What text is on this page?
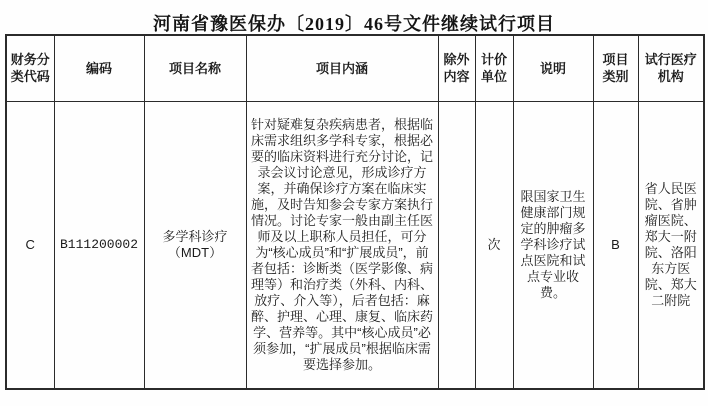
河南省豫医保办〔2019〕46号文件继续试行项目
财务分类代码	编码	项目名称	项目内涵	除外内容	计价单位	说明	项目类别	试行医疗机构
C	B111200002	多学科诊疗（MDT）	针对疑难复杂疾病患者，根据临床需求组织多学科专家，根据必要的临床资料进行充分讨论，记录会议讨论意见，形成诊疗方案，并确保诊疗方案在临床实施，及时告知参会专家方案执行情况。讨论专家一般由副主任医师及以上职称人员担任，可分为“核心成员”和“扩展成员”，前者包括：诊断类（医学影像、病理等）和治疗类（外科、内科、放疗、介入等），后者包括：麻醉、护理、心理、康复、临床药学、营养等。其中“核心成员”必须参加，“扩展成员”根据临床需要选择参加。		次	限国家卫生健康部门规定的肿瘤多学科诊疗试点医院和试点专业收费。	B	省人民医院、省肿瘤医院、郑大一附院、洛阳东方医院、郑大二附院
